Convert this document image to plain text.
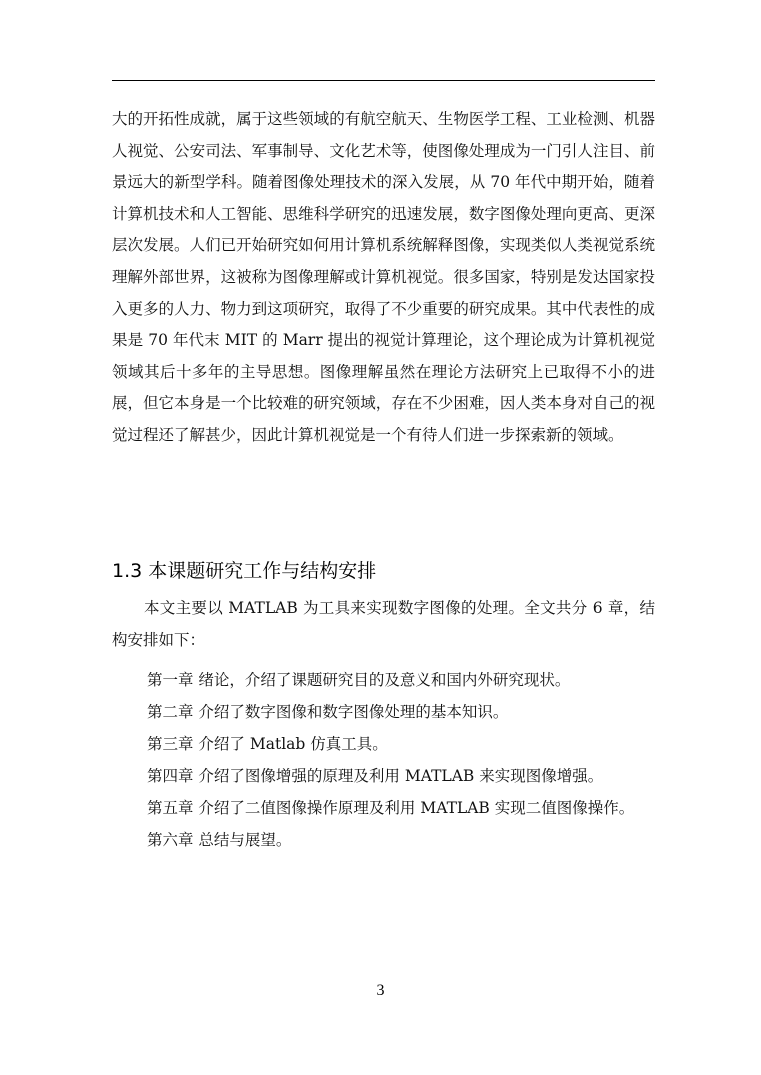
大的开拓性成就，属于这些领域的有航空航天、生物医学工程、工业检测、机器人视觉、公安司法、军事制导、文化艺术等，使图像处理成为一门引人注目、前景远大的新型学科。随着图像处理技术的深入发展，从 70 年代中期开始，随着计算机技术和人工智能、思维科学研究的迅速发展，数字图像处理向更高、更深层次发展。人们已开始研究如何用计算机系统解释图像，实现类似人类视觉系统理解外部世界，这被称为图像理解或计算机视觉。很多国家，特别是发达国家投入更多的人力、物力到这项研究，取得了不少重要的研究成果。其中代表性的成果是 70 年代末 MIT 的 Marr 提出的视觉计算理论，这个理论成为计算机视觉领域其后十多年的主导思想。图像理解虽然在理论方法研究上已取得不小的进展，但它本身是一个比较难的研究领域，存在不少困难，因人类本身对自己的视觉过程还了解甚少，因此计算机视觉是一个有待人们进一步探索新的领域。

1.3 本课题研究工作与结构安排

本文主要以 MATLAB 为工具来实现数字图像的处理。全文共分 6 章，结构安排如下：

第一章 绪论，介绍了课题研究目的及意义和国内外研究现状。
第二章 介绍了数字图像和数字图像处理的基本知识。
第三章 介绍了 Matlab 仿真工具。
第四章 介绍了图像增强的原理及利用 MATLAB 来实现图像增强。
第五章 介绍了二值图像操作原理及利用 MATLAB 实现二值图像操作。
第六章 总结与展望。
3
